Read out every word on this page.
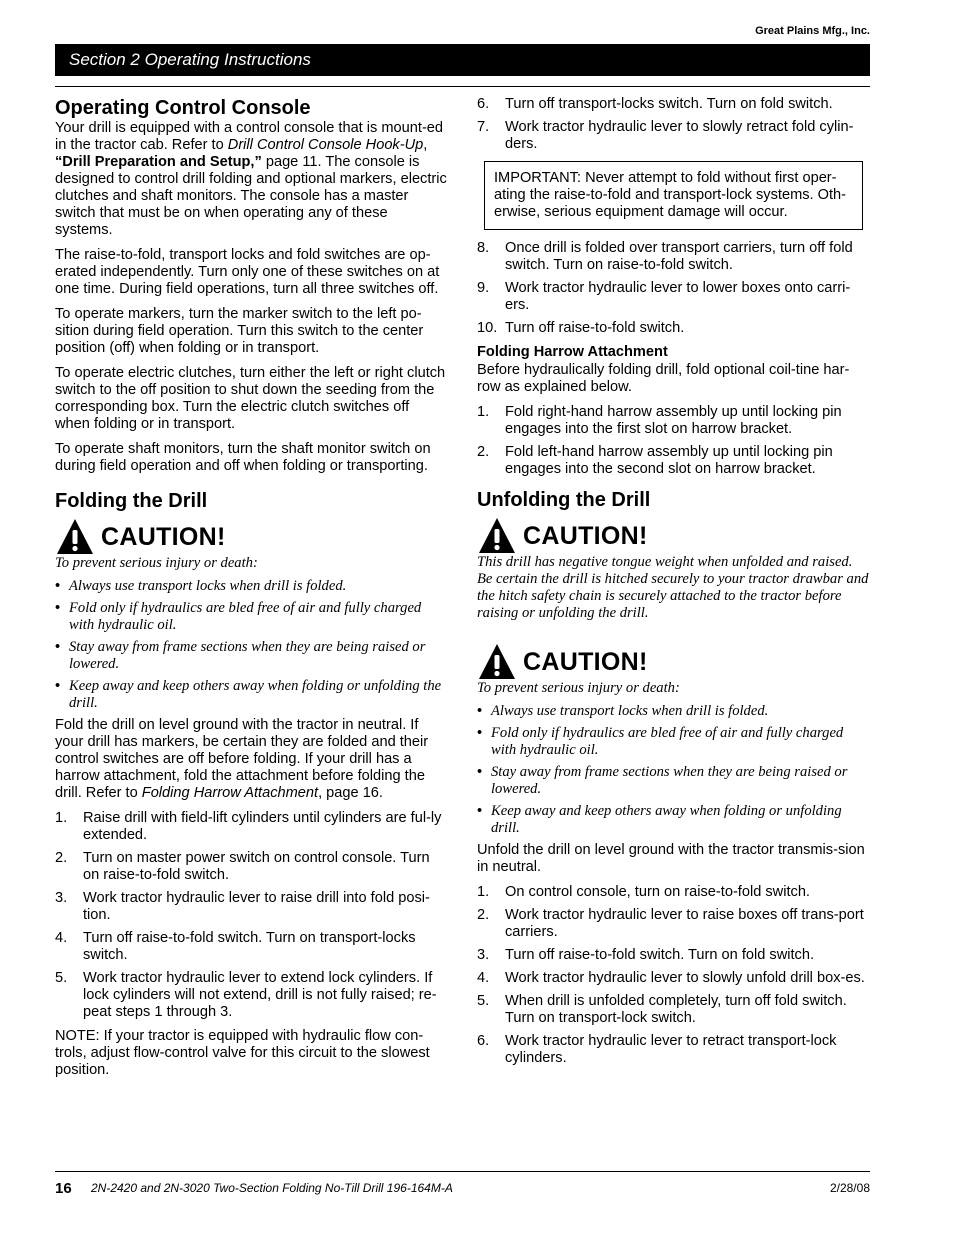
Great Plains Mfg., Inc.
Section 2 Operating Instructions
Operating Control Console

Your drill is equipped with a control console that is mount-ed in the tractor cab. Refer to Drill Control Console Hook-Up, “Drill Preparation and Setup,” page 11. The console is designed to control drill folding and optional markers, electric clutches and shaft monitors. The console has a master switch that must be on when operating any of these systems.

The raise-to-fold, transport locks and fold switches are op-erated independently. Turn only one of these switches on at one time. During field operations, turn all three switches off.

To operate markers, turn the marker switch to the left po-sition during field operation. Turn this switch to the center position (off) when folding or in transport.

To operate electric clutches, turn either the left or right clutch switch to the off position to shut down the seeding from the corresponding box. Turn the electric clutch switches off when folding or in transport.

To operate shaft monitors, turn the shaft monitor switch on during field operation and off when folding or transporting.

Folding the Drill
CAUTION!
To prevent serious injury or death:
• Always use transport locks when drill is folded.
• Fold only if hydraulics are bled free of air and fully charged with hydraulic oil.
• Stay away from frame sections when they are being raised or lowered.
• Keep away and keep others away when folding or unfolding the drill.

Fold the drill on level ground with the tractor in neutral. If your drill has markers, be certain they are folded and their control switches are off before folding. If your drill has a harrow attachment, fold the attachment before folding the drill. Refer to Folding Harrow Attachment, page 16.

1. Raise drill with field-lift cylinders until cylinders are ful-ly extended.
2. Turn on master power switch on control console. Turn on raise-to-fold switch.
3. Work tractor hydraulic lever to raise drill into fold posi-tion.
4. Turn off raise-to-fold switch. Turn on transport-locks switch.
5. Work tractor hydraulic lever to extend lock cylinders. If lock cylinders will not extend, drill is not fully raised; re-peat steps 1 through 3.

NOTE: If your tractor is equipped with hydraulic flow con-trols, adjust flow-control valve for this circuit to the slowest position.

6. Turn off transport-locks switch. Turn on fold switch.
7. Work tractor hydraulic lever to slowly retract fold cylin-ders.
IMPORTANT: Never attempt to fold without first oper-ating the raise-to-fold and transport-lock systems. Oth-erwise, serious equipment damage will occur.
8. Once drill is folded over transport carriers, turn off fold switch. Turn on raise-to-fold switch.
9. Work tractor hydraulic lever to lower boxes onto carri-ers.
10. Turn off raise-to-fold switch.
Folding Harrow Attachment

Before hydraulically folding drill, fold optional coil-tine har-row as explained below.

1. Fold right-hand harrow assembly up until locking pin engages into the first slot on harrow bracket.
2. Fold left-hand harrow assembly up until locking pin engages into the second slot on harrow bracket.
Unfolding the Drill
CAUTION!
This drill has negative tongue weight when unfolded and raised. Be certain the drill is hitched securely to your tractor drawbar and the hitch safety chain is securely attached to the tractor before raising or unfolding the drill.
CAUTION!
To prevent serious injury or death:
• Always use transport locks when drill is folded.
• Fold only if hydraulics are bled free of air and fully charged with hydraulic oil.
• Stay away from frame sections when they are being raised or lowered.
• Keep away and keep others away when folding or unfolding drill.

Unfold the drill on level ground with the tractor transmis-sion in neutral.

1. On control console, turn on raise-to-fold switch.
2. Work tractor hydraulic lever to raise boxes off trans-port carriers.
3. Turn off raise-to-fold switch. Turn on fold switch.
4. Work tractor hydraulic lever to slowly unfold drill box-es.
5. When drill is unfolded completely, turn off fold switch. Turn on transport-lock switch.
6. Work tractor hydraulic lever to retract transport-lock cylinders.
16 2N-2420 and 2N-3020 Two-Section Folding No-Till Drill 196-164M-A	2/28/08
